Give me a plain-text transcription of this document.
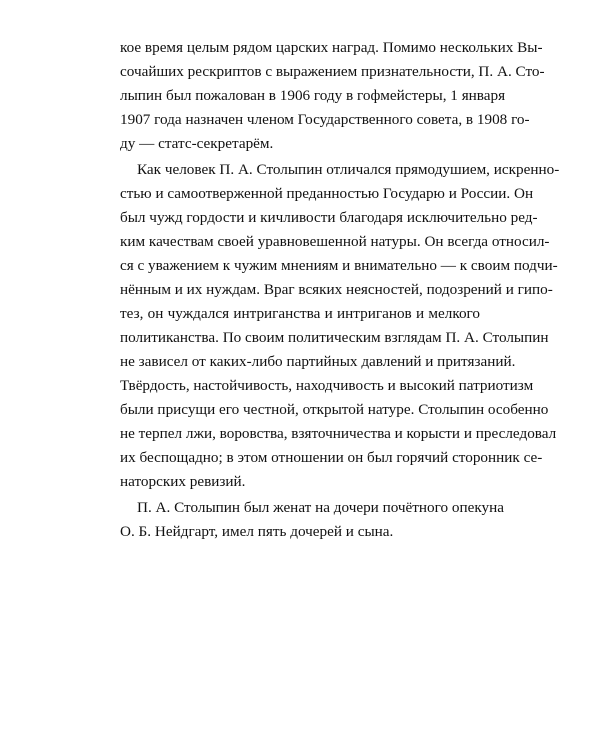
кое время целым рядом царских наград. Помимо нескольких Вы-
сочайших рескриптов с выражением признательности, П. А. Сто-
лыпин был пожалован в 1906 году в гофмейстеры, 1 января
1907 года назначен членом Государственного совета, в 1908 го-
ду — статс-секретарём.
Как человек П. А. Столыпин отличался прямодушием, искренно-
стью и самоотверженной преданностью Государю и России. Он
был чужд гордости и кичливости благодаря исключительно ред-
ким качествам своей уравновешенной натуры. Он всегда относил-
ся с уважением к чужим мнениям и внимательно — к своим подчи-
нённым и их нуждам. Враг всяких неясностей, подозрений и гипо-
тез, он чуждался интриганства и интриганов и мелкого
политиканства. По своим политическим взглядам П. А. Столыпин
не зависел от каких-либо партийных давлений и притязаний.
Твёрдость, настойчивость, находчивость и высокий патриотизм
были присущи его честной, открытой натуре. Столыпин особенно
не терпел лжи, воровства, взяточничества и корысти и преследовал
их беспощадно; в этом отношении он был горячий сторонник се-
наторских ревизий.
П. А. Столыпин был женат на дочери почётного опекуна
О. Б. Нейдгарт, имел пять дочерей и сына.
